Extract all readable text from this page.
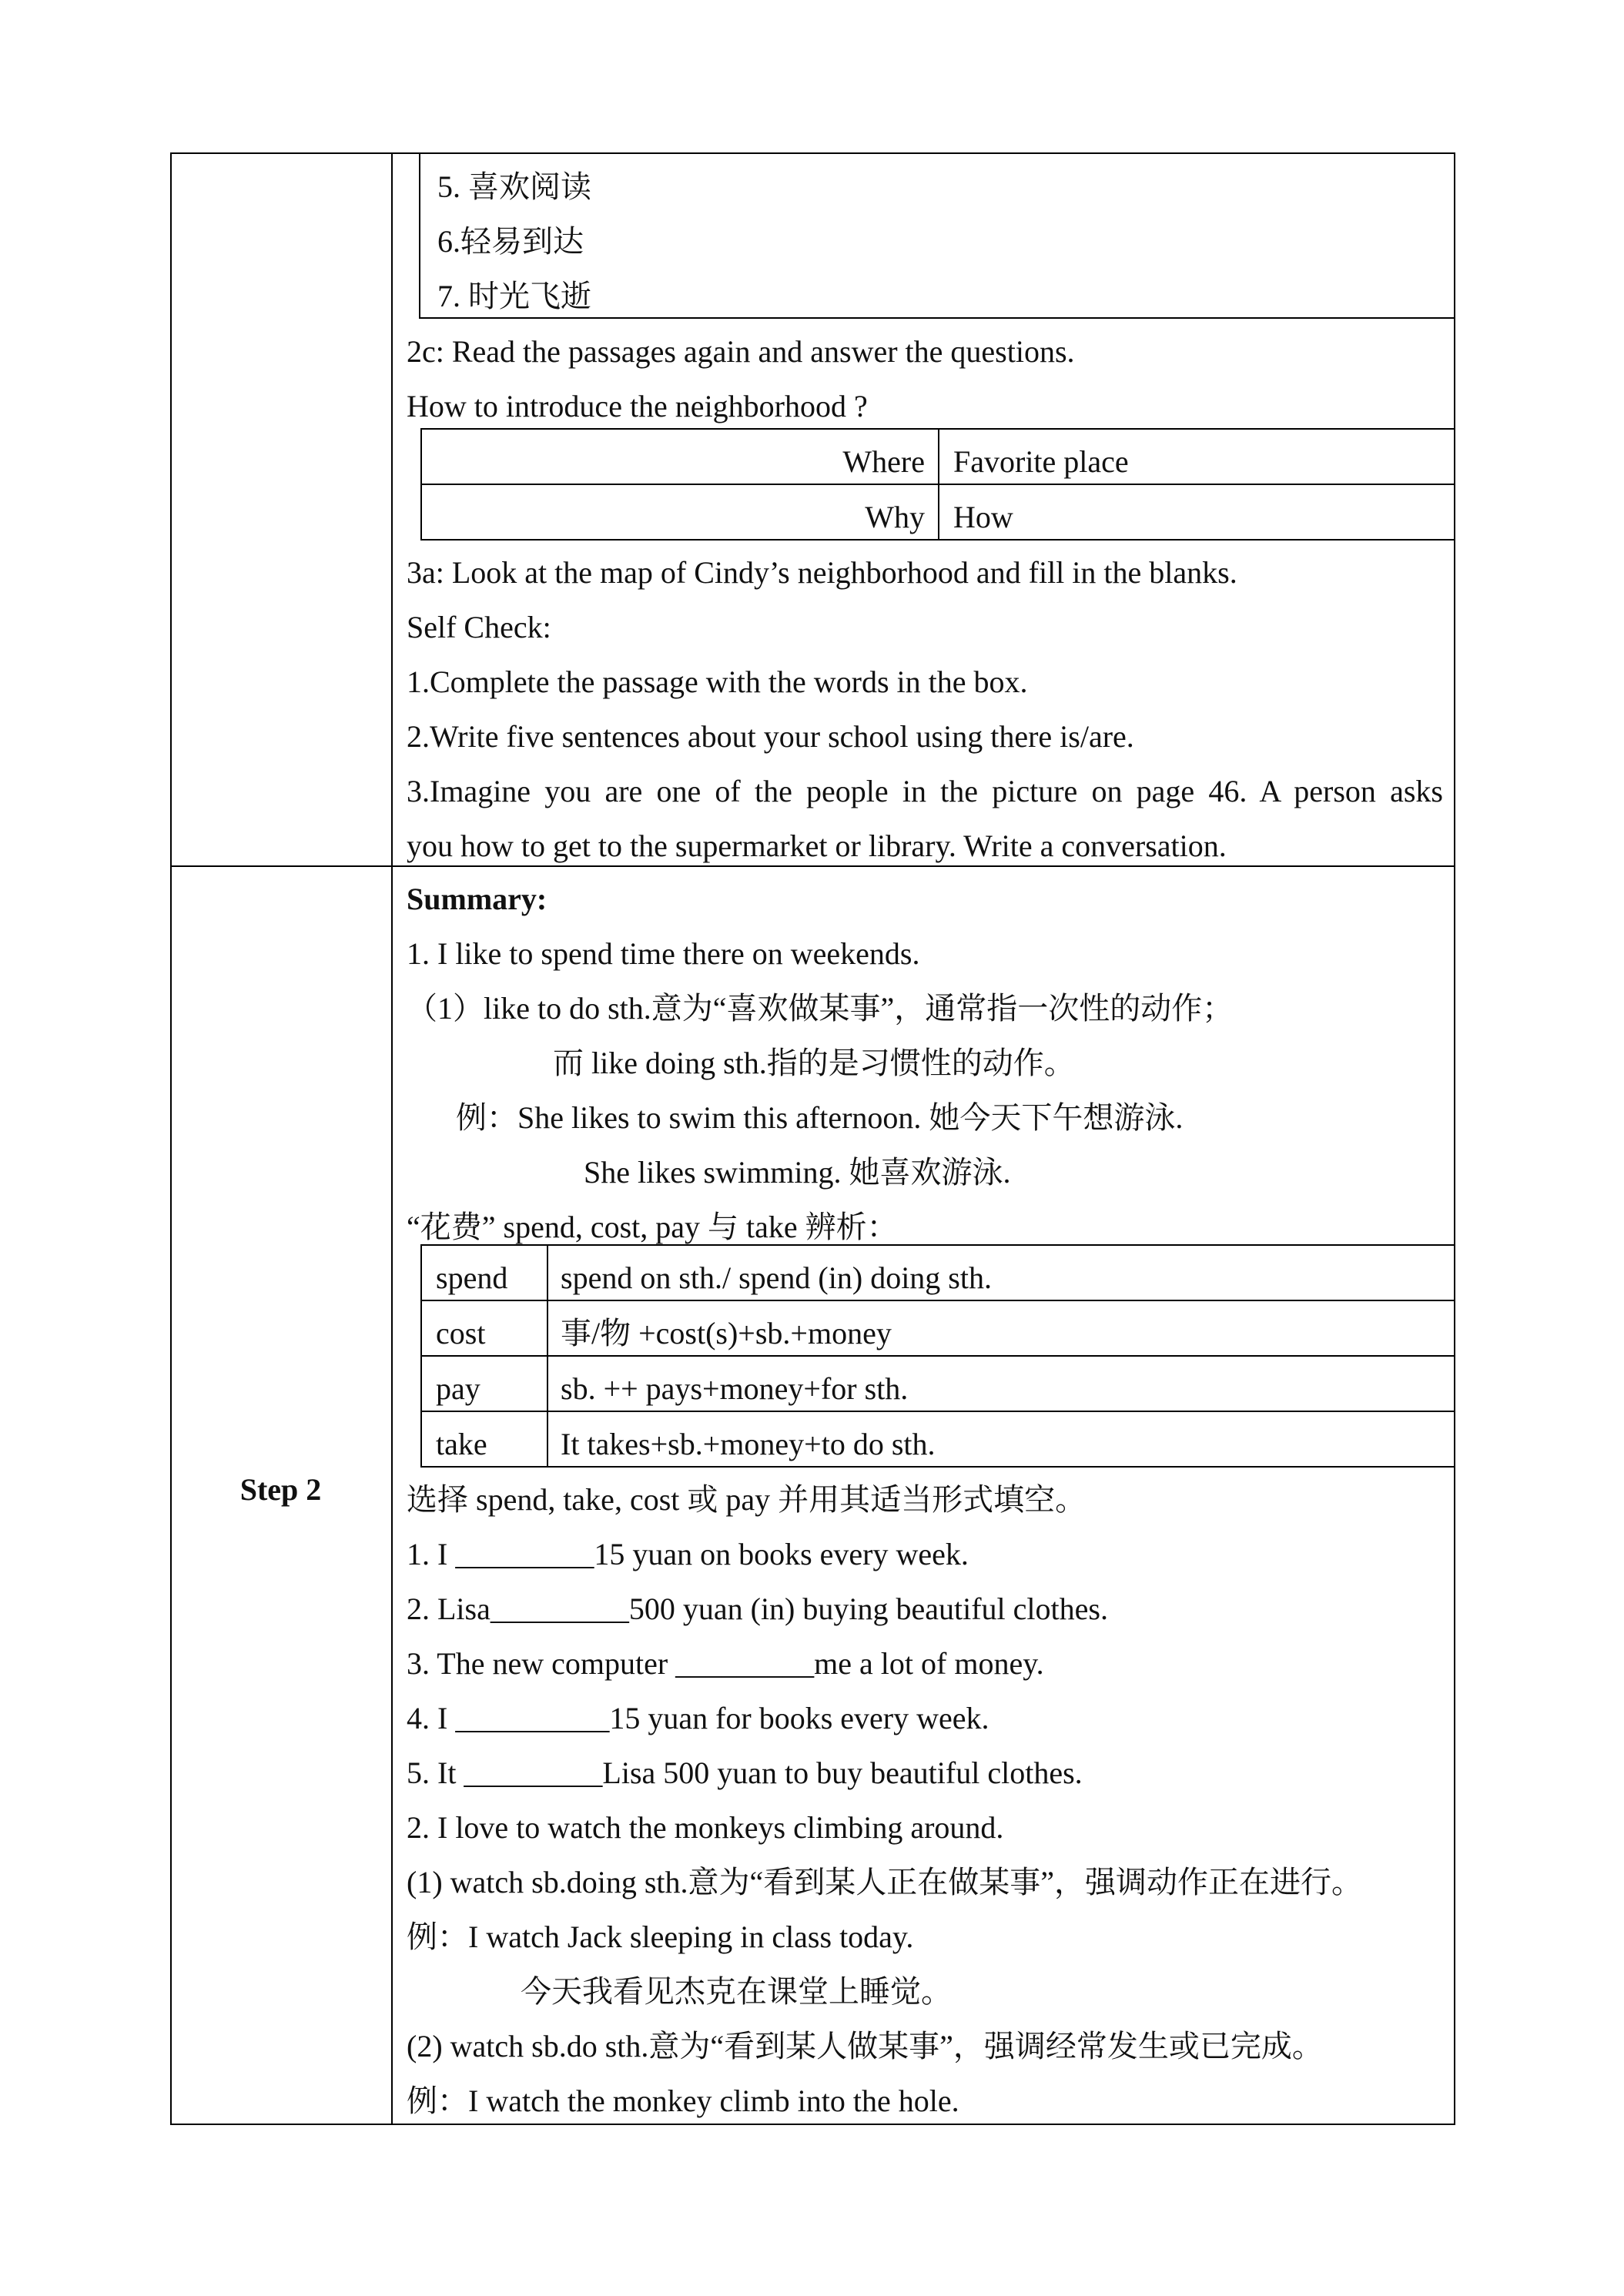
Step 2
5. 喜欢阅读
6.轻易到达
7. 时光飞逝
2c: Read the passages again and answer the questions.
How to introduce the neighborhood ?
Where Favorite place
Why How
3a: Look at the map of Cindy’s neighborhood and fill in the blanks.
Self Check:
1.Complete the passage with the words in the box.
2.Write five sentences about your school using there is/are.
3.Imagine you are one of the people in the picture on page 46. A person asks
you how to get to the supermarket or library. Write a conversation.
Summary:
1. I like to spend time there on weekends.
（1）like to do sth.意为“喜欢做某事”，通常指一次性的动作；
而 like doing sth.指的是习惯性的动作。
例：She likes to swim this afternoon. 她今天下午想游泳.
She likes swimming. 她喜欢游泳.
“花费” spend, cost, pay 与 take 辨析：
spend spend on sth./ spend (in) doing sth.
cost 事/物 +cost(s)+sb.+money
pay	sb. ++ pays+money+for sth.
take It takes+sb.+money+to do sth.
选择 spend, take, cost 或 pay 并用其适当形式填空。
1. I _________15 yuan on books every week.
2. Lisa_________500 yuan (in) buying beautiful clothes.
3. The new computer _________me a lot of money.
4. I __________15 yuan for books every week.
5. It _________Lisa 500 yuan to buy beautiful clothes.
2. I love to watch the monkeys climbing around.
(1) watch sb.doing sth.意为“看到某人正在做某事”，强调动作正在进行。
例：I watch Jack sleeping in class today.
今天我看见杰克在课堂上睡觉。
(2) watch sb.do sth.意为“看到某人做某事”，强调经常发生或已完成。
例：I watch the monkey climb into the hole.
